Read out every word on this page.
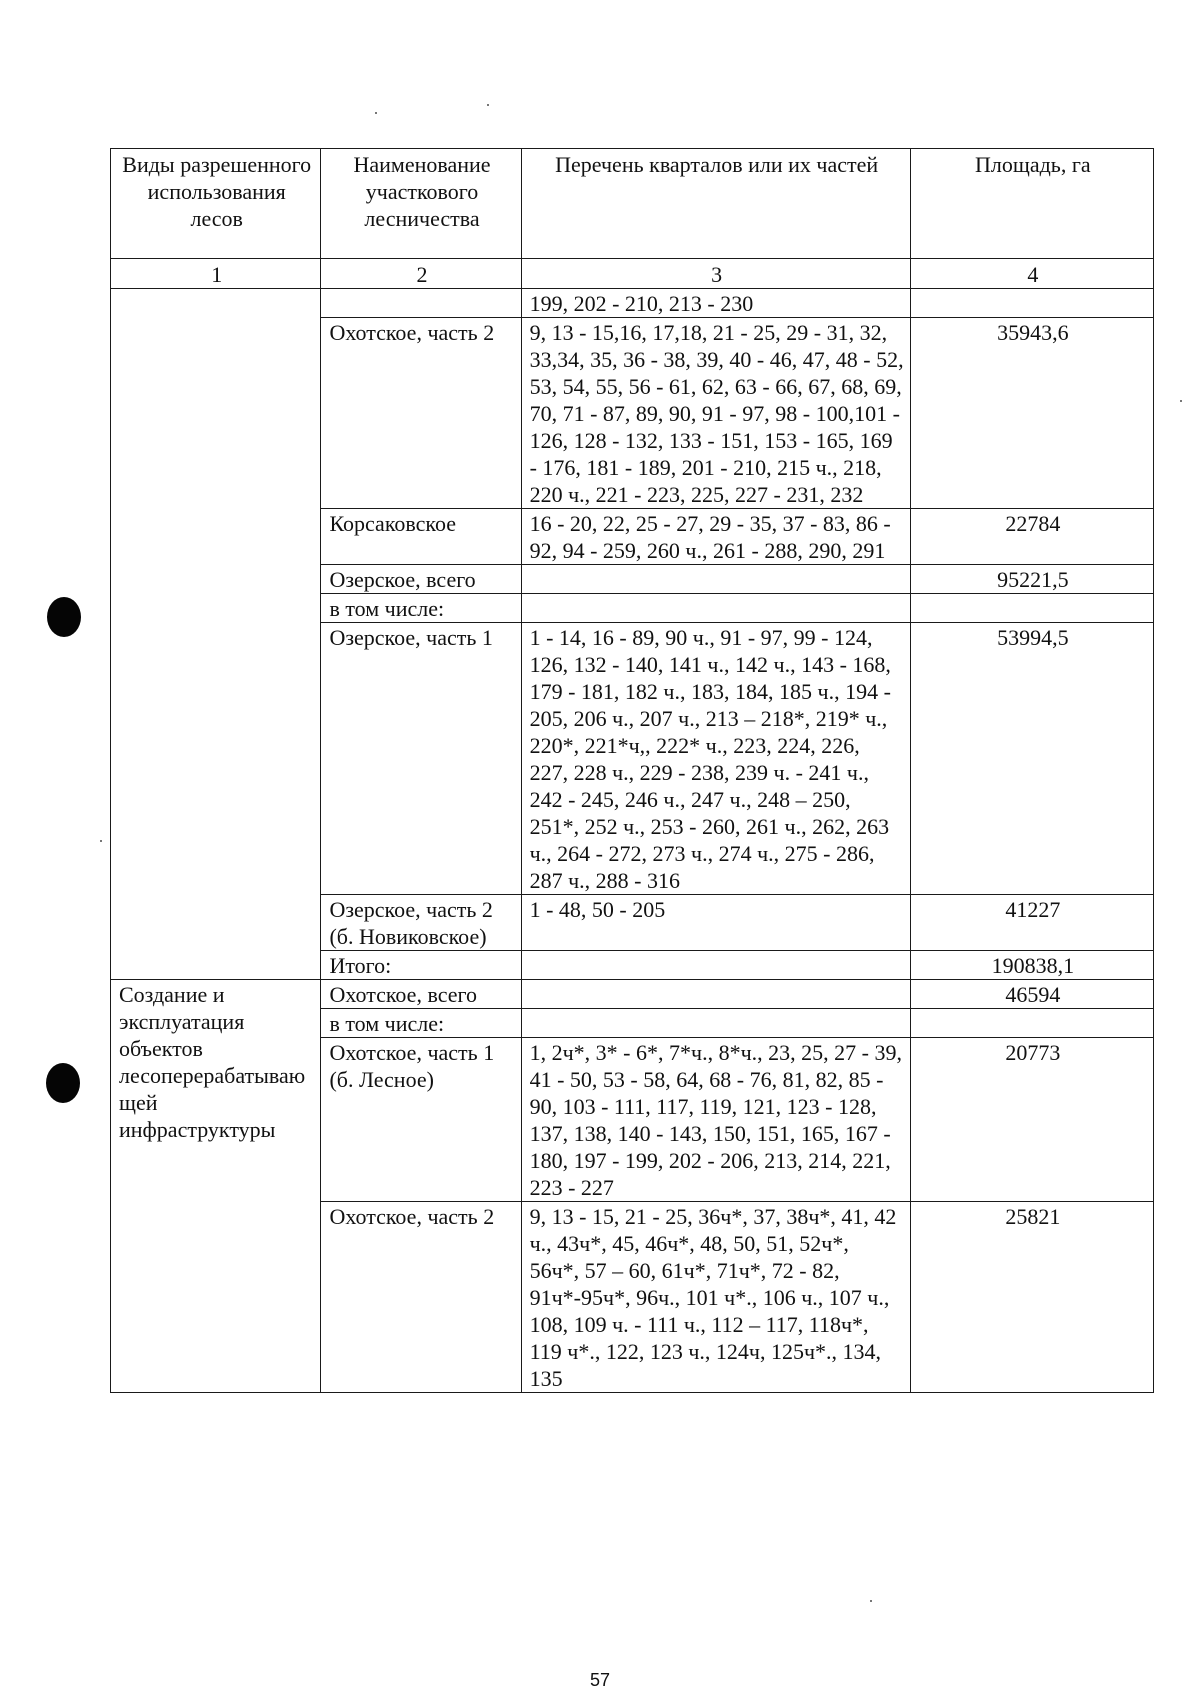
Виды разрешенного использования лесов	Наименование участкового лесничества	Перечень кварталов или их частей	Площадь, га
1	2	3	4
		199, 202 - 210, 213 - 230	
	Охотское, часть 2	9, 13 - 15,16, 17,18, 21 - 25, 29 - 31, 32, 33,34, 35, 36 - 38, 39, 40 - 46, 47, 48 - 52, 53, 54, 55, 56 - 61, 62, 63 - 66, 67, 68, 69, 70, 71 - 87, 89, 90, 91 - 97, 98 - 100,101 - 126, 128 - 132, 133 - 151, 153 - 165, 169 - 176, 181 - 189, 201 - 210, 215 ч., 218, 220 ч., 221 - 223, 225, 227 - 231, 232	35943,6
	Корсаковское	16 - 20, 22, 25 - 27, 29 - 35, 37 - 83, 86 - 92, 94 - 259, 260 ч., 261 - 288, 290, 291	22784
	Озерское, всего		95221,5
	в том числе:		
	Озерское, часть 1	1 - 14, 16 - 89, 90 ч., 91 - 97, 99 - 124, 126, 132 - 140, 141 ч., 142 ч., 143 - 168, 179 - 181, 182 ч., 183, 184, 185 ч., 194 - 205, 206 ч., 207 ч., 213 – 218*, 219* ч., 220*, 221*ч,, 222* ч., 223, 224, 226, 227, 228 ч., 229 - 238, 239 ч. - 241 ч., 242 - 245, 246 ч., 247 ч., 248 – 250, 251*, 252 ч., 253 - 260, 261 ч., 262, 263 ч., 264 - 272, 273 ч., 274 ч., 275 - 286, 287 ч., 288 - 316	53994,5
	Озерское, часть 2 (б. Новиковское)	1 - 48, 50 - 205	41227
	Итого:		190838,1
Создание и эксплуатация объектов лесоперерабатывающей инфраструктуры	Охотское, всего		46594
	в том числе:		
	Охотское, часть 1 (б. Лесное)	1, 2ч*, 3* - 6*, 7*ч., 8*ч., 23, 25, 27 - 39, 41 - 50, 53 - 58, 64, 68 - 76, 81, 82, 85 - 90, 103 - 111, 117, 119, 121, 123 - 128, 137, 138, 140 - 143, 150, 151, 165, 167 - 180, 197 - 199, 202 - 206, 213, 214, 221, 223 - 227	20773
	Охотское, часть 2	9, 13 - 15, 21 - 25, 36ч*, 37, 38ч*, 41, 42 ч., 43ч*, 45, 46ч*, 48, 50, 51, 52ч*, 56ч*, 57 – 60, 61ч*, 71ч*, 72 - 82, 91ч*-95ч*, 96ч., 101 ч*., 106 ч., 107 ч., 108, 109 ч. - 111 ч., 112 – 117, 118ч*, 119 ч*., 122, 123 ч., 124ч, 125ч*., 134, 135	25821
57
